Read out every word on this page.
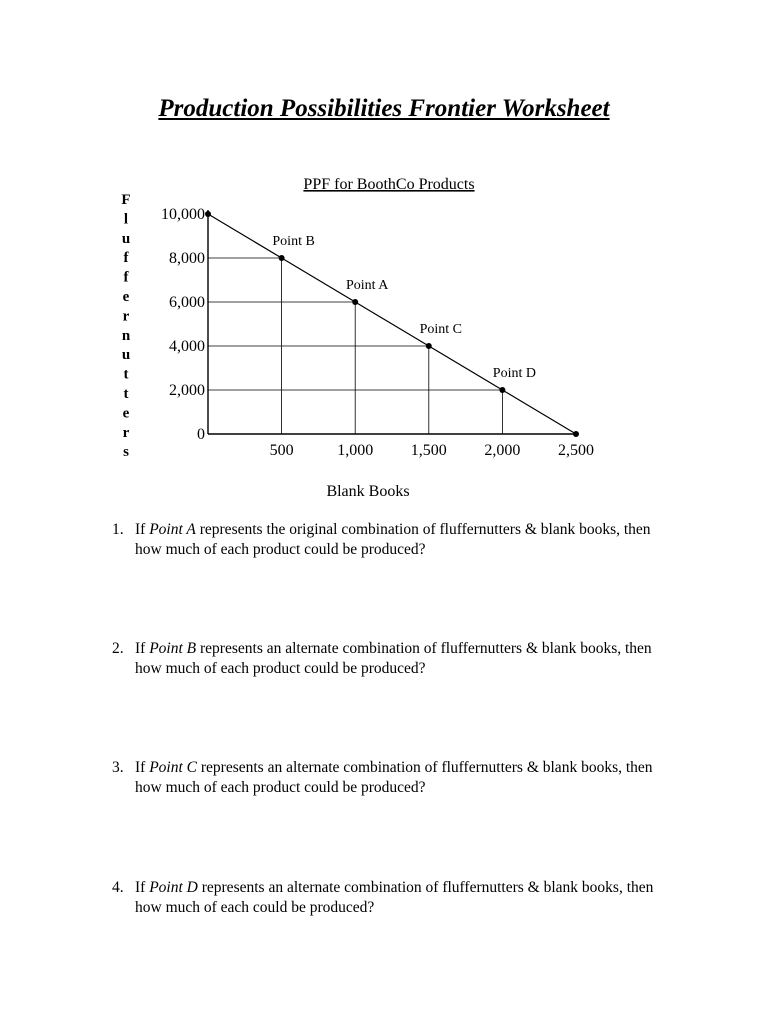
Production Possibilities Frontier Worksheet
PPF for BoothCo Products
F
l
u
f
f
e
r
n
u
t
t
e
r
s
0
2,000
4,000
6,000
8,000
10,000
500	1,000 1,500 2,000 2,500
Point B
Point A
Point C
Point D
Blank Books
1. If Point A represents the original combination of fluffernutters & blank books, then how much of each product could be produced?
2. If Point B represents an alternate combination of fluffernutters & blank books, then how much of each product could be produced?
3. If Point C represents an alternate combination of fluffernutters & blank books, then how much of each product could be produced?
4. If Point D represents an alternate combination of fluffernutters & blank books, then how much of each could be produced?
